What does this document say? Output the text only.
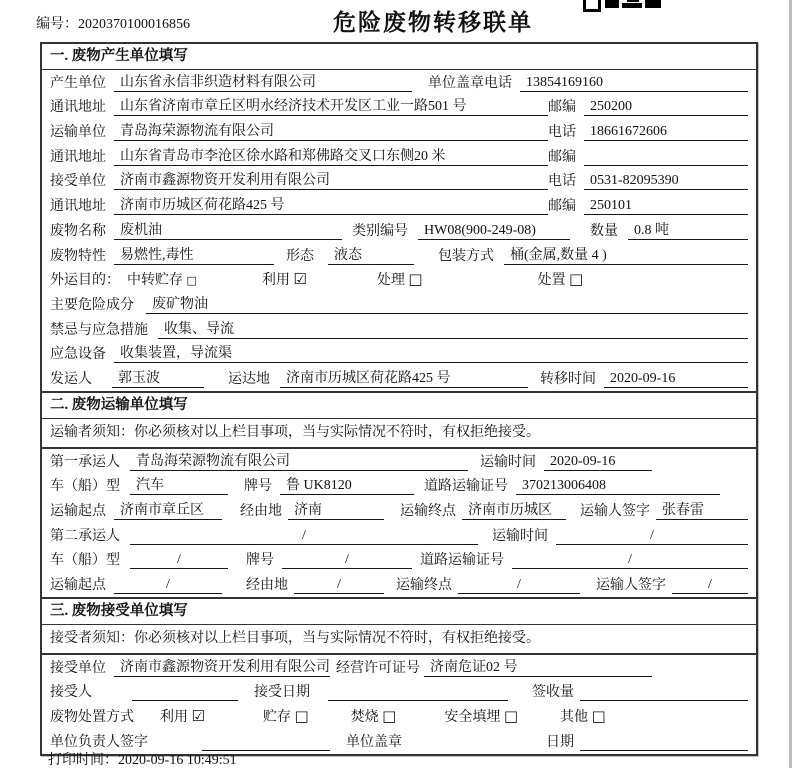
编号：2020370100016856	危险废物转移联单
一. 废物产生单位填写
产生单位	山东省永信非织造材料有限公司	单位盖章 电话	13854169160
通讯地址	山东省济南市章丘区明水经济技术开发区工业一路501 号	邮编	250200
运输单位	青岛海荣源物流有限公司	电话	18661672606
通讯地址	山东省青岛市李沧区徐水路和郑佛路交叉口东侧20 米	邮编
接受单位	济南市鑫源物资开发利用有限公司	电话	0531-82095390
通讯地址	济南市历城区荷花路425 号	邮编	250101
废物名称	废机油	类别编号	HW08(900-249-08)	数量	0.8 吨
废物特性	易燃性,毒性	形态	液态	包装方式	桶(金属,数量 4 )
外运目的： 中转贮存 □	利用 ☑	处理 □	处置 □
主要危险成分	废矿物油
禁忌与应急措施	收集、导流
应急设备	收集装置，导流渠
发运人	郭玉波	运达地	济南市历城区荷花路425 号	转移时间	2020-09-16
二. 废物运输单位填写
运输者须知：你必须核对以上栏目事项，当与实际情况不符时，有权拒绝接受。
第一承运人	青岛海荣源物流有限公司	运输时间	2020-09-16
车（船）型	汽车	牌号	鲁 UK8120	道路运输证号	370213006408
运输起点	济南市章丘区	经由地 济南	运输终点 济南市历城区	运输人签字 张春雷
第二承运人	/	运输时间	/
车（船）型	/	牌号	/	道路运输证号	/
运输起点	/	经由地	/	运输终点	/	运输人签字	/
三. 废物接受单位填写
接受者须知：你必须核对以上栏目事项，当与实际情况不符时，有权拒绝接受。
接受单位	济南市鑫源物资开发利用有限公司 经营许可证号 济南危证02 号
接受人	接受日期	签收量
废物处置方式 利用 ☑	贮存 □	焚烧 □	安全填埋 □	其他 □
单位负责人签字	单位盖章	日期
打印时间：2020-09-16 10:49:51
